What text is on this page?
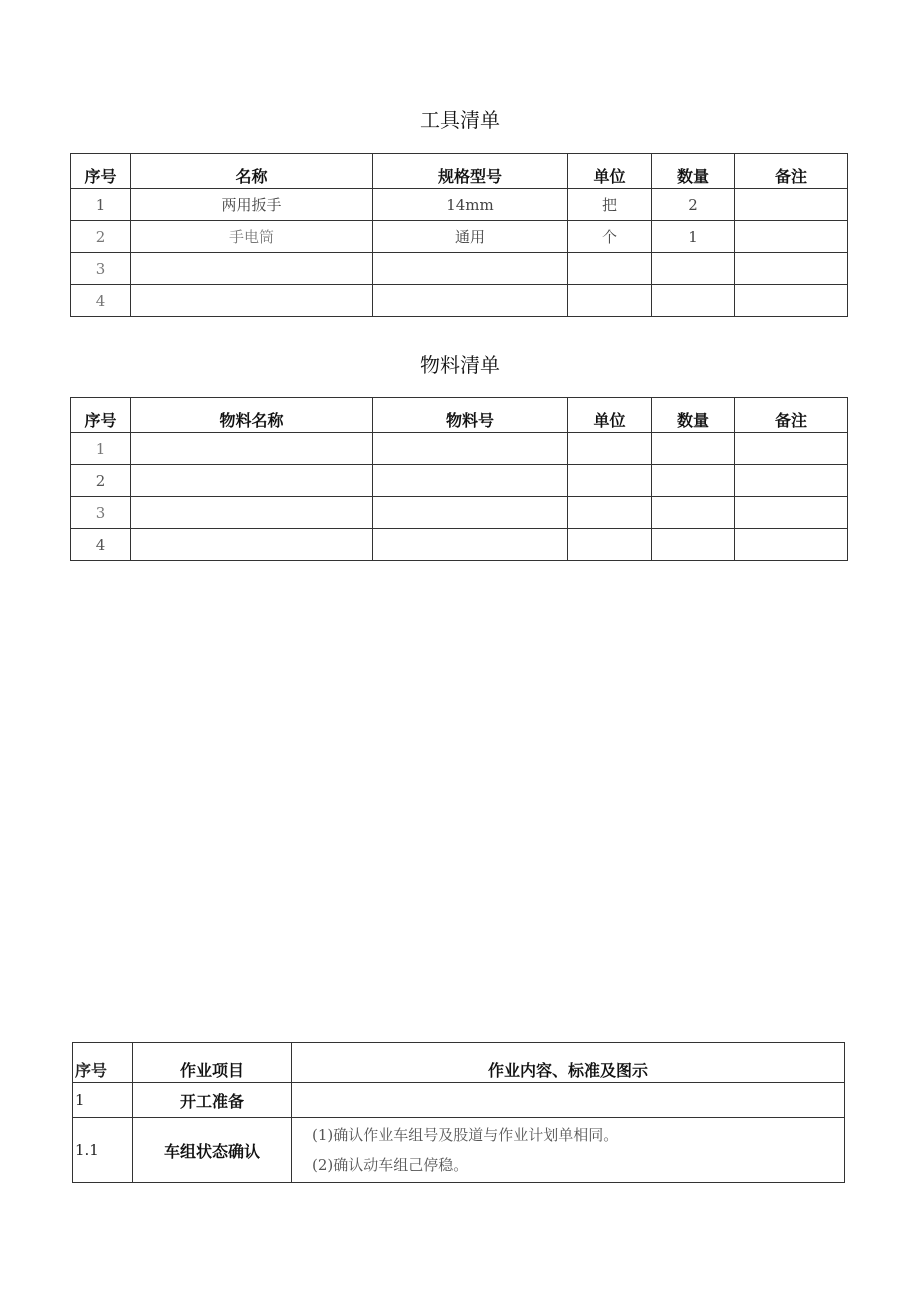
工具清单
序号	名称	规格型号	单位	数量	备注
1	两用扳手	14mm	把	2	
2	手电筒	通用	个	1	
3					
4					
物料清单
序号	物料名称	物料号	单位	数量	备注
1					
2					
3					
4					
序号	作业项目	作业内容、标准及图示
1	开工准备	
1.1	车组状态确认	(1)确认作业车组号及股道与作业计划单相同。
(2)确认动车组己停稳。
